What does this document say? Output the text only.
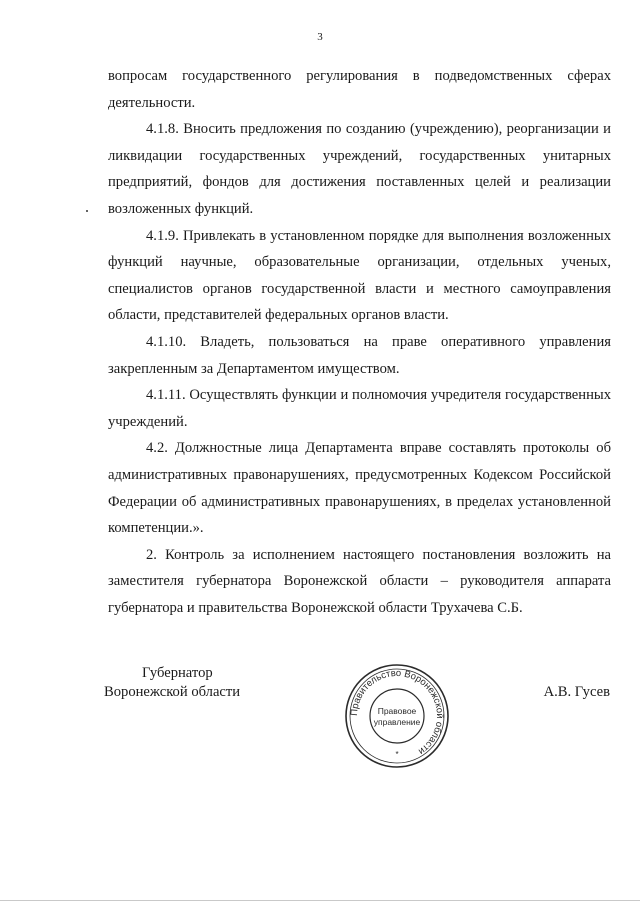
3

вопросам государственного регулирования в подведомственных сферах деятельности.

4.1.8. Вносить предложения по созданию (учреждению), реорганизации и ликвидации государственных учреждений, государственных унитарных предприятий, фондов для достижения поставленных целей и реализации возложенных функций.

4.1.9. Привлекать в установленном порядке для выполнения возложенных функций научные, образовательные организации, отдельных ученых, специалистов органов государственной власти и местного самоуправления области, представителей федеральных органов власти.

4.1.10. Владеть, пользоваться на праве оперативного управления закрепленным за Департаментом имуществом.

4.1.11. Осуществлять функции и полномочия учредителя государственных учреждений.

4.2. Должностные лица Департамента вправе составлять протоколы об административных правонарушениях, предусмотренных Кодексом Российской Федерации об административных правонарушениях, в пределах установленной компетенции.».

2. Контроль за исполнением настоящего постановления возложить на заместителя губернатора Воронежской области – руководителя аппарата губернатора и правительства Воронежской области Трухачева С.Б.

Губернатор
Воронежской области	А.В. Гусев
Правительство Воронежской области
Правовое
управление
*
